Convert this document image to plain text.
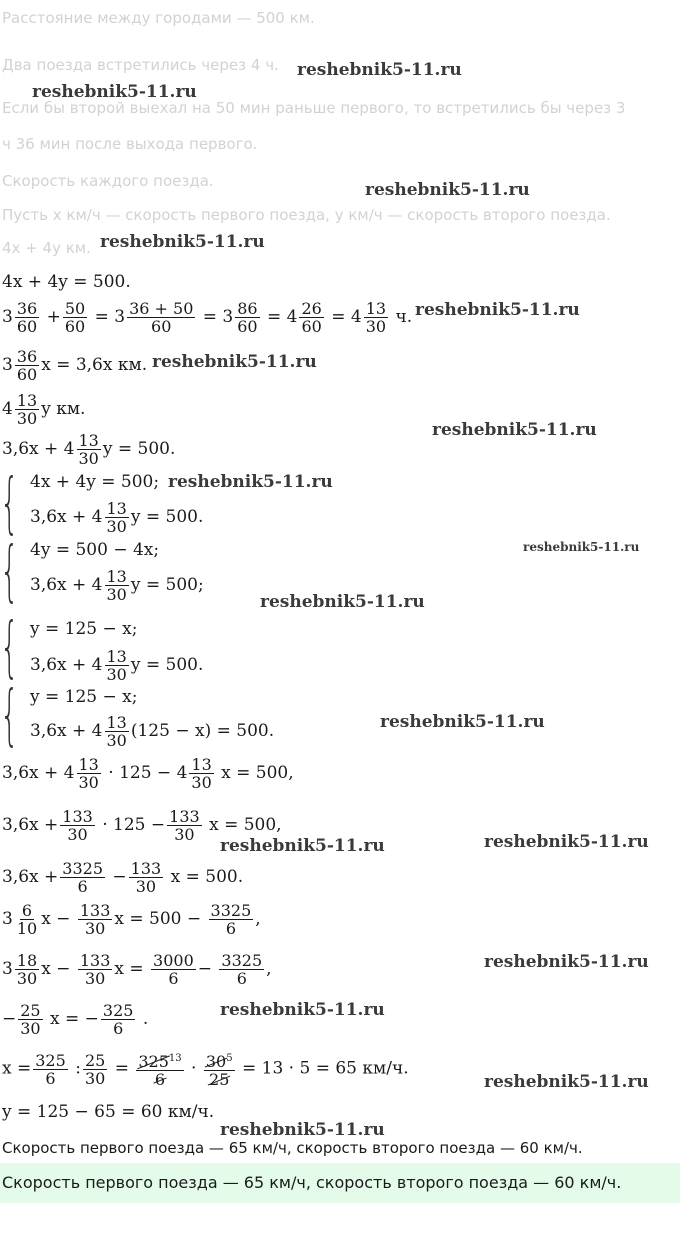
Расстояние между городами — 500 км.
Два поезда встретились через 4 ч.
Если бы второй выехал на 50 мин раньше первого, то встретились бы через 3
ч 36 мин после выхода первого.
Скорость каждого поезда.
Пусть x км/ч — скорость первого поезда, y км/ч — скорость второго поезда.
4x + 4y км.
4x + 4y = 500.
$3 \frac{36}{60} + \frac{50}{60} = 3 \frac{36 + 50}{60} = 3 \frac{86}{60} = 4 \frac{26}{60} = 4 \frac{13}{30} ч$.
$3 \frac{36}{60}$ x = 3,6x км.
$4 \frac{13}{30}$ y км.
$3,6x + 4 \frac{13}{30}$ y = 500.
{ 4x + 4y = 500;
$3,6x + 4 \frac{13}{30}$ y = 500.
{ 4y = 500 − 4x;
$3,6x + 4 \frac{13}{30}$ y = 500;
{ y = 125 − x;
$3,6x + 4 \frac{13}{30}$ y = 500.
{ y = 125 − x;
$3,6x + 4 \frac{13}{30} (125 - x) = 500$.
$3,6x + 4 \frac{13}{30} \cdot 125 - 4 \frac{13}{30}$ x = 500,
$3,6x + \frac{133}{30} \cdot 125 - \frac{133}{30}$ x = 500,
$3,6x + \frac{3325}{6} - \frac{133}{30}$ x = 500.
$3 \frac{6}{10}$ $x - \frac{133}{30}$ $x = 500 - \frac{3325}{6}$ ,
$3 \frac{18}{30}$ $x - \frac{133}{30}$ $x = \frac{3000}{6} - \frac{3325}{6}$ ,
− $\frac{25}{30}$ x = − $\frac{325}{6}$ .
$x = \frac{325}{6}$ : $\frac{25}{30} = \frac{325^{13}}{6} \cdot \frac{30^5}{25} = 13 \cdot 5 = 65$ км/ч.
y = 125 − 65 = 60 км/ч.
Скорость первого поезда — 65 км/ч, скорость второго поезда — 60 км/ч.
Скорость первого поезда — 65 км/ч, скорость второго поезда — 60 км/ч.
reshebnik5-11.ru
reshebnik5-11.ru
reshebnik5-11.ru
reshebnik5-11.ru
reshebnik5-11.ru
reshebnik5-11.ru
reshebnik5-11.ru
reshebnik5-11.ru
reshebnik5-11.ru
reshebnik5-11.ru
reshebnik5-11.ru
reshebnik5-11.ru
reshebnik5-11.ru
reshebnik5-11.ru
reshebnik5-11.ru
reshebnik5-11.ru
reshebnik5-11.ru
